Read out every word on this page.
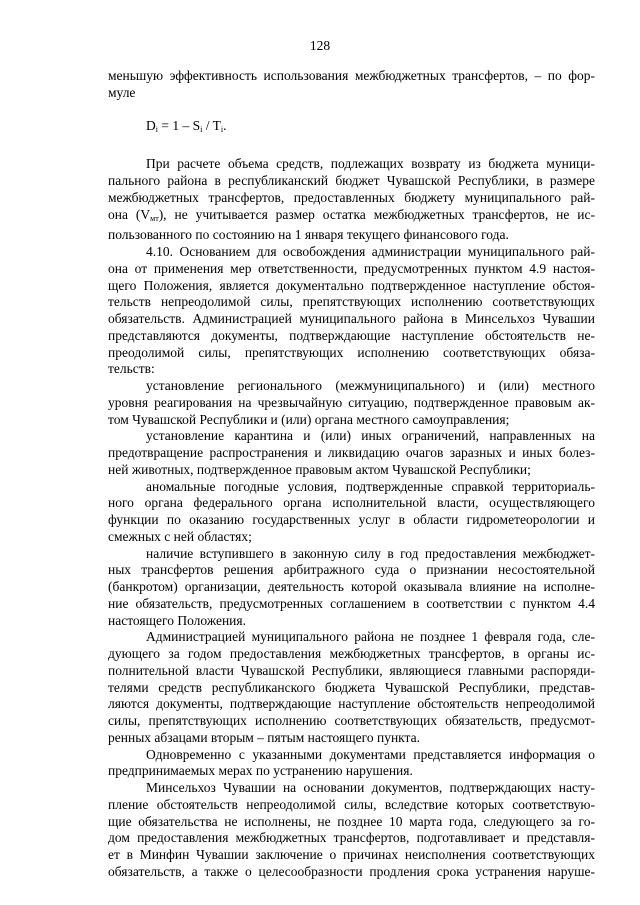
128
меньшую эффективность использования межбюджетных трансфертов, – по фор-
муле
$D_i = 1 - S_i / T_i$.
При расчете объема средств, подлежащих возврату из бюджета муници-
пального района в республиканский бюджет Чувашской Республики, в размере
межбюджетных трансфертов, предоставленных бюджету муниципального рай-
она $(V_{мт})$, не учитывается размер остатка межбюджетных трансфертов, не ис-
пользованного по состоянию на 1 января текущего финансового года.
4.10. Основанием для освобождения администрации муниципального рай-
она от применения мер ответственности, предусмотренных пунктом 4.9 настоя-
щего Положения, является документально подтвержденное наступление обстоя-
тельств непреодолимой силы, препятствующих исполнению соответствующих
обязательств. Администрацией муниципального района в Минсельхоз Чувашии
представляются документы, подтверждающие наступление обстоятельств не-
преодолимой силы, препятствующих исполнению соответствующих обяза-
тельств:
установление регионального (межмуниципального) и (или) местного
уровня реагирования на чрезвычайную ситуацию, подтвержденное правовым ак-
том Чувашской Республики и (или) органа местного самоуправления;
установление карантина и (или) иных ограничений, направленных на
предотвращение распространения и ликвидацию очагов заразных и иных болез-
ней животных, подтвержденное правовым актом Чувашской Республики;
аномальные погодные условия, подтвержденные справкой территориаль-
ного органа федерального органа исполнительной власти, осуществляющего
функции по оказанию государственных услуг в области гидрометеорологии и
смежных с ней областях;
наличие вступившего в законную силу в год предоставления межбюджет-
ных трансфертов решения арбитражного суда о признании несостоятельной
(банкротом) организации, деятельность которой оказывала влияние на исполне-
ние обязательств, предусмотренных соглашением в соответствии с пунктом 4.4
настоящего Положения.
Администрацией муниципального района не позднее 1 февраля года, сле-
дующего за годом предоставления межбюджетных трансфертов, в органы ис-
полнительной власти Чувашской Республики, являющиеся главными распоряди-
телями средств республиканского бюджета Чувашской Республики, представ-
ляются документы, подтверждающие наступление обстоятельств непреодолимой
силы, препятствующих исполнению соответствующих обязательств, предусмот-
ренных абзацами вторым – пятым настоящего пункта.
Одновременно с указанными документами представляется информация о
предпринимаемых мерах по устранению нарушения.
Минсельхоз Чувашии на основании документов, подтверждающих насту-
пление обстоятельств непреодолимой силы, вследствие которых соответствую-
щие обязательства не исполнены, не позднее 10 марта года, следующего за го-
дом предоставления межбюджетных трансфертов, подготавливает и представля-
ет в Минфин Чувашии заключение о причинах неисполнения соответствующих
обязательств, а также о целесообразности продления срока устранения наруше-
